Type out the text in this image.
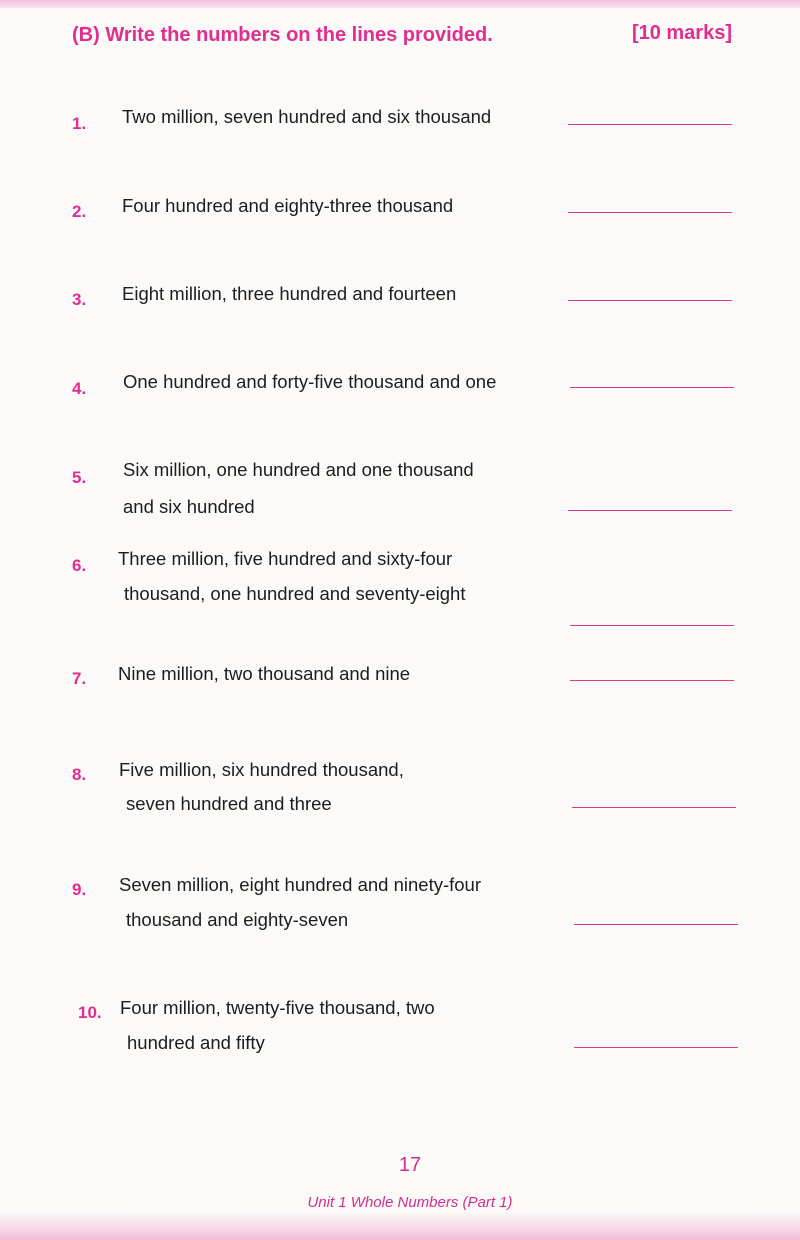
(B) Write the numbers on the lines provided.	[10 marks]
1.	Two million, seven hundred and six thousand
2.	Four hundred and eighty-three thousand
3.	Eight million, three hundred and fourteen
4.	One hundred and forty-five thousand and one
5.	Six million, one hundred and one thousand
and six hundred
6.	Three million, five hundred and sixty-four
thousand, one hundred and seventy-eight
7.	Nine million, two thousand and nine
8.	Five million, six hundred thousand,
seven hundred and three
9.	Seven million, eight hundred and ninety-four
thousand and eighty-seven
10. Four million, twenty-five thousand, two
hundred and fifty
17
Unit 1 Whole Numbers (Part 1)
